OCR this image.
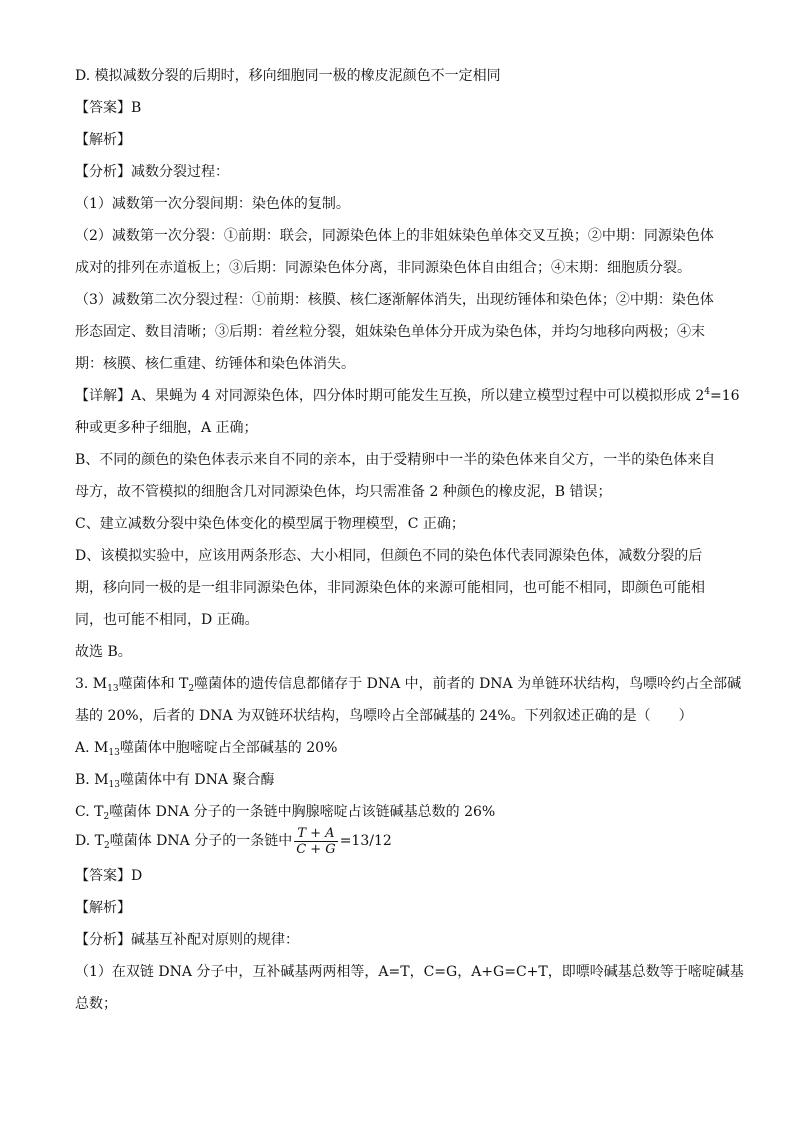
D. 模拟减数分裂的后期时，移向细胞同一极的橡皮泥颜色不一定相同
【答案】B
【解析】
【分析】减数分裂过程：
（1）减数第一次分裂间期：染色体的复制。
（2）减数第一次分裂：①前期：联会，同源染色体上的非姐妹染色单体交叉互换；②中期：同源染色体
成对的排列在赤道板上；③后期：同源染色体分离，非同源染色体自由组合；④末期：细胞质分裂。
（3）减数第二次分裂过程：①前期：核膜、核仁逐渐解体消失，出现纺锤体和染色体；②中期：染色体
形态固定、数目清晰；③后期：着丝粒分裂，姐妹染色单体分开成为染色体，并均匀地移向两极；④末
期：核膜、核仁重建、纺锤体和染色体消失。
【详解】A、果蝇为 4 对同源染色体，四分体时期可能发生互换，所以建立模型过程中可以模拟形成 $2^4=16$
种或更多种子细胞，A 正确；
B、不同的颜色的染色体表示来自不同的亲本，由于受精卵中一半的染色体来自父方，一半的染色体来自
母方，故不管模拟的细胞含几对同源染色体，均只需准备 2 种颜色的橡皮泥，B 错误；
C、建立减数分裂中染色体变化的模型属于物理模型，C 正确；
D、该模拟实验中，应该用两条形态、大小相同，但颜色不同的染色体代表同源染色体，减数分裂的后
期，移向同一极的是一组非同源染色体，非同源染色体的来源可能相同，也可能不相同，即颜色可能相
同，也可能不相同，D 正确。
故选 B。
3. $M_{13}$噬菌体和 $T_2$噬菌体的遗传信息都储存于 DNA 中，前者的 DNA 为单链环状结构，鸟嘌呤约占全部碱
基的 20%，后者的 DNA 为双链环状结构，鸟嘌呤占全部碱基的 24%。下列叙述正确的是（　　）
A. $M_{13}$噬菌体中胞嘧啶占全部碱基的 20%
B. $M_{13}$噬菌体中有 DNA 聚合酶
C. $T_2$噬菌体 DNA 分子的一条链中胸腺嘧啶占该链碱基总数的 26%
D. $T_2$噬菌体 DNA 分子的一条链中 $\frac{T + A}{C + G} =13/12$
【答案】D
【解析】
【分析】碱基互补配对原则的规律：
（1）在双链 DNA 分子中，互补碱基两两相等，A=T，C=G，A+G=C+T，即嘌呤碱基总数等于嘧啶碱基
总数；
